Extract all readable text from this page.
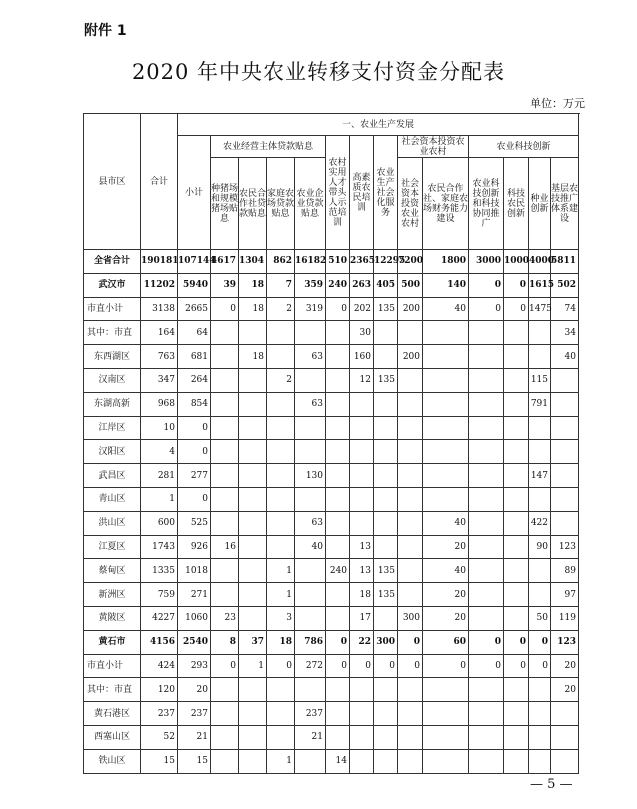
附件 1
2020 年中央农业转移支付资金分配表
单位：万元
县市区	合计	一、农业生产发展													
		小计	农业经营主体贷款贴息				农村实用人才带头人示范培训	高素质农民培训	农业生产社会化服务	社会资本投资农业农村		农业科技创新			
			种猪场和规模猪场贴息	农民合作社贷款贴息	家庭农场贷款贴息	农业企业贷款贴息				社会资本投资农业农村	农民合作社、家庭农场财务能力建设	农业科技创新和科技协同推广	科技农民创新	种业创新	基层农技推广体系建设

全省合计	190181	107144	4617	1304	862	16182	510	2365	12295	7200	1800	3000	1000	4000	5811
武汉市	11202	5940	39	18	7	359	240	263	405	500	140	0	0	1615	502
市直小计	3138	2665	0	18	2	319	0	202	135	200	40	0	0	1475	74
其中：市直	164	64						30							34
东西湖区	763	681		18		63		160		200					40
汉南区	347	264			2			12	135					115	
东湖高新	968	854				63								791	
江岸区	10	0													
汉阳区	4	0													
武昌区	281	277				130								147	
青山区	1	0													
洪山区	600	525				63					40			422	
江夏区	1743	926	16			40		13			20			90	123
蔡甸区	1335	1018			1		240	13	135		40				89
新洲区	759	271			1			18	135		20				97
黄陂区	4227	1060	23		3			17		300	20			50	119
黄石市	4156	2540	8	37	18	786	0	22	300	0	60	0	0	0	123
市直小计	424	293	0	1	0	272	0	0	0	0	0	0	0	0	20
其中：市直	120	20													20
黄石港区	237	237				237									
西塞山区	52	21				21									
铁山区	15	15			1		14								
— 5 —
